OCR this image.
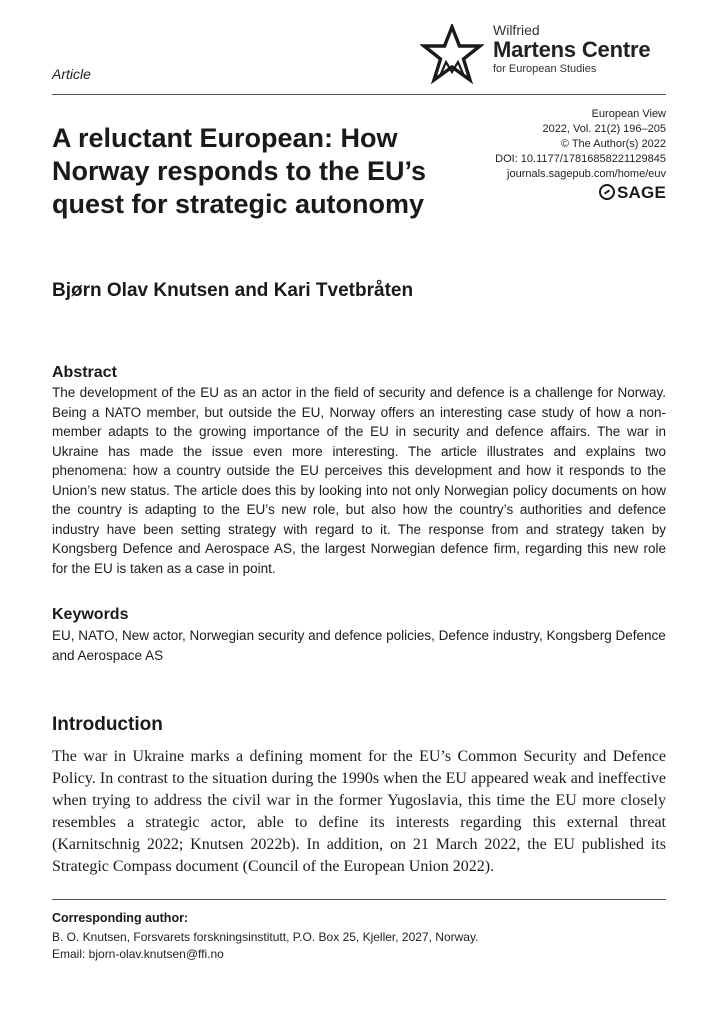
Wilfried
Martens Centre
for European Studies
Article
European View
2022, Vol. 21(2) 196–205
© The Author(s) 2022
DOI: 10.1177/17816858221129845
journals.sagepub.com/home/euv
SAGE
A reluctant European: How Norway responds to the EU’s quest for strategic autonomy
Bjørn Olav Knutsen and Kari Tvetbråten
Abstract
The development of the EU as an actor in the field of security and defence is a challenge for Norway. Being a NATO member, but outside the EU, Norway offers an interesting case study of how a non-member adapts to the growing importance of the EU in security and defence affairs. The war in Ukraine has made the issue even more interesting. The article illustrates and explains two phenomena: how a country outside the EU perceives this development and how it responds to the Union’s new status. The article does this by looking into not only Norwegian policy documents on how the country is adapting to the EU’s new role, but also how the country’s authorities and defence industry have been setting strategy with regard to it. The response from and strategy taken by Kongsberg Defence and Aerospace AS, the largest Norwegian defence firm, regarding this new role for the EU is taken as a case in point.
Keywords
EU, NATO, New actor, Norwegian security and defence policies, Defence industry, Kongsberg Defence and Aerospace AS
Introduction
The war in Ukraine marks a defining moment for the EU’s Common Security and Defence Policy. In contrast to the situation during the 1990s when the EU appeared weak and ineffective when trying to address the civil war in the former Yugoslavia, this time the EU more closely resembles a strategic actor, able to define its interests regarding this external threat (Karnitschnig 2022; Knutsen 2022b). In addition, on 21 March 2022, the EU published its Strategic Compass document (Council of the European Union 2022).
Corresponding author:
B. O. Knutsen, Forsvarets forskningsinstitutt, P.O. Box 25, Kjeller, 2027, Norway.
Email: bjorn-olav.knutsen@ffi.no
